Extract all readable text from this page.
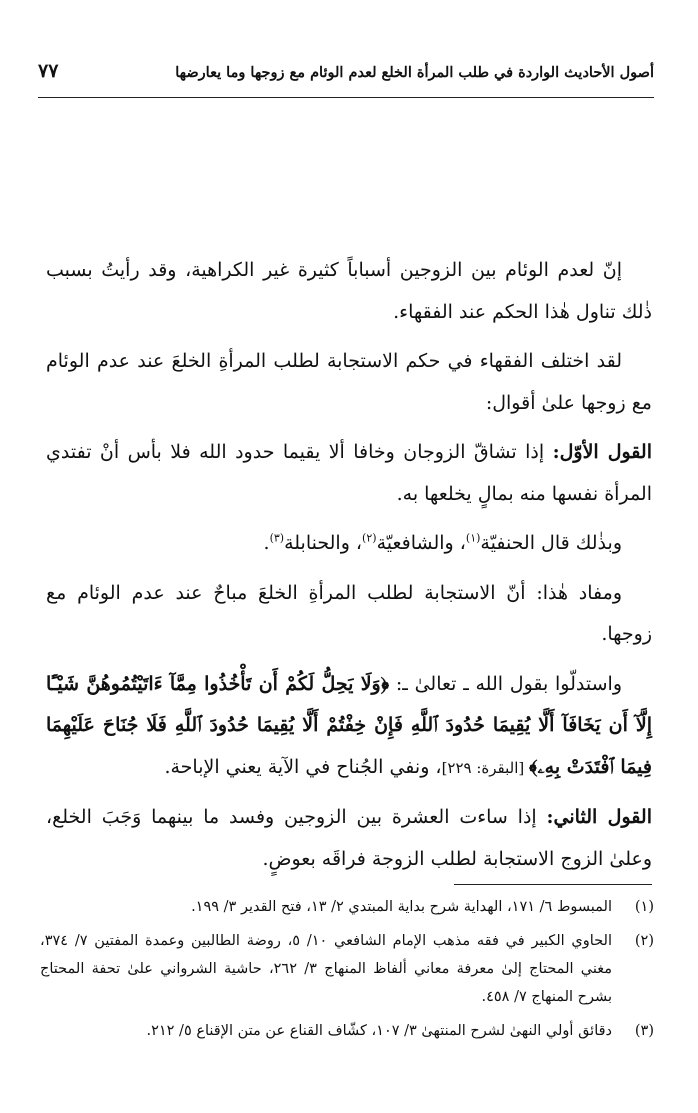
أصول الأحاديث الواردة في طلب المرأة الخلع لعدم الوئام مع زوجها وما يعارضها
٧٧

إنّ لعدم الوئام بين الزوجين أسباباً كثيرة غير الكراهية، وقد رأيتُ بسبب ذٰلك تناول هٰذا الحكم عند الفقهاء.

لقد اختلف الفقهاء في حكم الاستجابة لطلب المرأةِ الخلعَ عند عدم الوئام مع زوجها علىٰ أقوال:

القول الأوّل: إذا تشاقّ الزوجان وخافا ألا يقيما حدود الله فلا بأس أنْ تفتدي المرأة نفسها منه بمالٍ يخلعها به.

وبذٰلك قال الحنفيّة$^{(١)}$، والشافعيّة$^{(٢)}$، والحنابلة$^{(٣)}$.

ومفاد هٰذا: أنّ الاستجابة لطلب المرأةِ الخلعَ مباحٌ عند عدم الوئام مع زوجها.

واستدلّوا بقول الله ـ تعالىٰ ـ: ﴿وَلَا يَحِلُّ لَكُمْ أَن تَأْخُذُوا مِمَّآ ءَاتَيْتُمُوهُنَّ شَيْـًٔا إِلَّآ أَن يَخَافَآ أَلَّا يُقِيمَا حُدُودَ ٱللَّهِ فَإِنْ خِفْتُمْ أَلَّا يُقِيمَا حُدُودَ ٱللَّهِ فَلَا جُنَاحَ عَلَيْهِمَا فِيمَا ٱفْتَدَتْ بِهِۦ﴾ [البقرة: ٢٢٩]، ونفي الجُناح في الآية يعني الإباحة.

القول الثاني: إذا ساءت العشرة بين الزوجين وفسد ما بينهما وَجَبَ الخلع، وعلىٰ الزوج الاستجابة لطلب الزوجة فراقَه بعوضٍ.

(١)
المبسوط ٦/ ١٧١، الهداية شرح بداية المبتدي ٢/ ١٣، فتح القدير ٣/ ١٩٩.
(٢)
الحاوي الكبير في فقه مذهب الإمام الشافعي ١٠/ ٥، روضة الطالبين وعمدة المفتين ٧/ ٣٧٤، مغني المحتاج إلىٰ معرفة معاني ألفاظ المنهاج ٣/ ٢٦٢، حاشية الشرواني علىٰ تحفة المحتاج بشرح المنهاج ٧/ ٤٥٨.
(٣)
دقائق أولي النهىٰ لشرح المنتهىٰ ٣/ ١٠٧، كشّاف القناع عن متن الإقناع ٥/ ٢١٢.
